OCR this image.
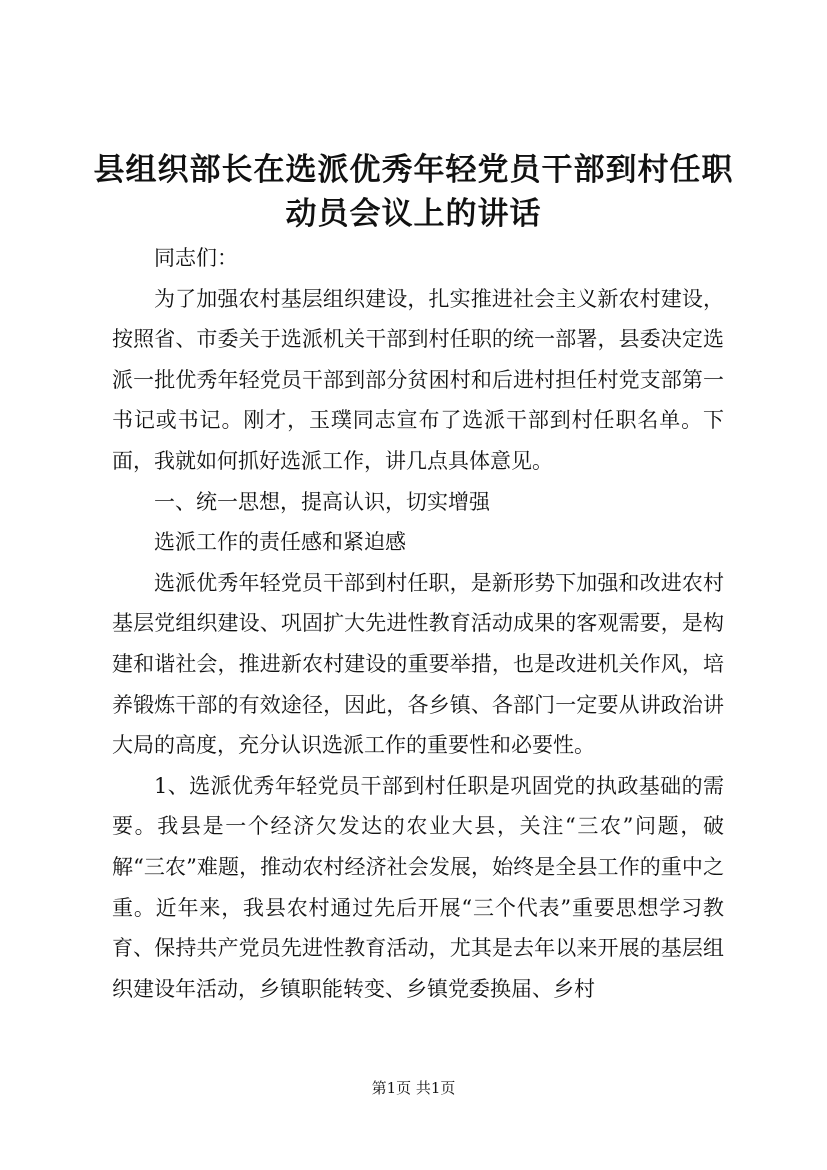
县组织部长在选派优秀年轻党员干部到村任职
动员会议上的讲话

同志们：

为了加强农村基层组织建设，扎实推进社会主义新农村建设，按照省、市委关于选派机关干部到村任职的统一部署，县委决定选派一批优秀年轻党员干部到部分贫困村和后进村担任村党支部第一书记或书记。刚才，玉璞同志宣布了选派干部到村任职名单。下面，我就如何抓好选派工作，讲几点具体意见。

一、统一思想，提高认识，切实增强

选派工作的责任感和紧迫感

选派优秀年轻党员干部到村任职，是新形势下加强和改进农村基层党组织建设、巩固扩大先进性教育活动成果的客观需要，是构建和谐社会，推进新农村建设的重要举措，也是改进机关作风，培养锻炼干部的有效途径，因此，各乡镇、各部门一定要从讲政治讲大局的高度，充分认识选派工作的重要性和必要性。

1、选派优秀年轻党员干部到村任职是巩固党的执政基础的需要。我县是一个经济欠发达的农业大县，关注“三农”问题，破解“三农”难题，推动农村经济社会发展，始终是全县工作的重中之重。近年来，我县农村通过先后开展“三个代表”重要思想学习教育、保持共产党员先进性教育活动，尤其是去年以来开展的基层组织建设年活动，乡镇职能转变、乡镇党委换届、乡村

第1页 共1页
